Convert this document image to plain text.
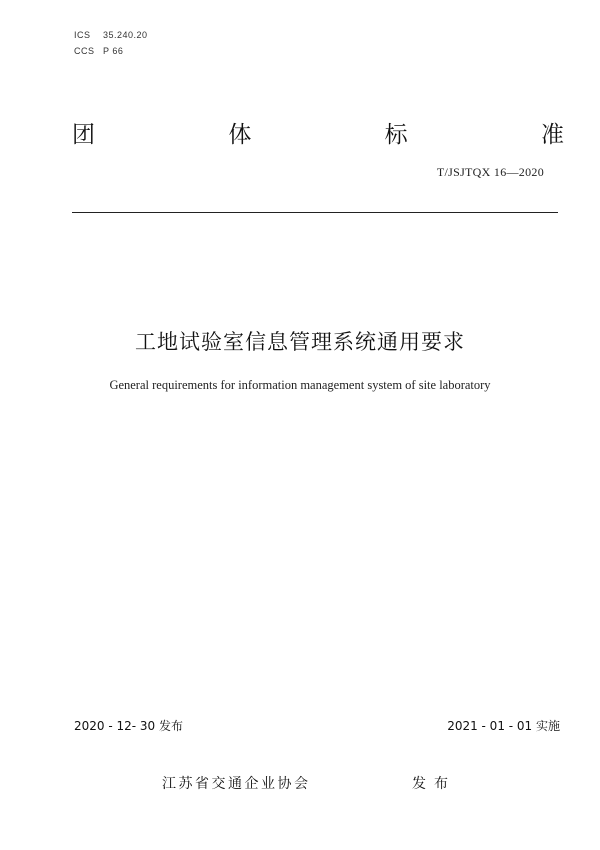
ICS 35.240.20
CCS P 66
团	体	标	准
T/JSJTQX 16—2020
工地试验室信息管理系统通用要求
General requirements for information management system of site laboratory
2020 - 12- 30 发布	2021 - 01 - 01 实施
江苏省交通企业协会	发布
